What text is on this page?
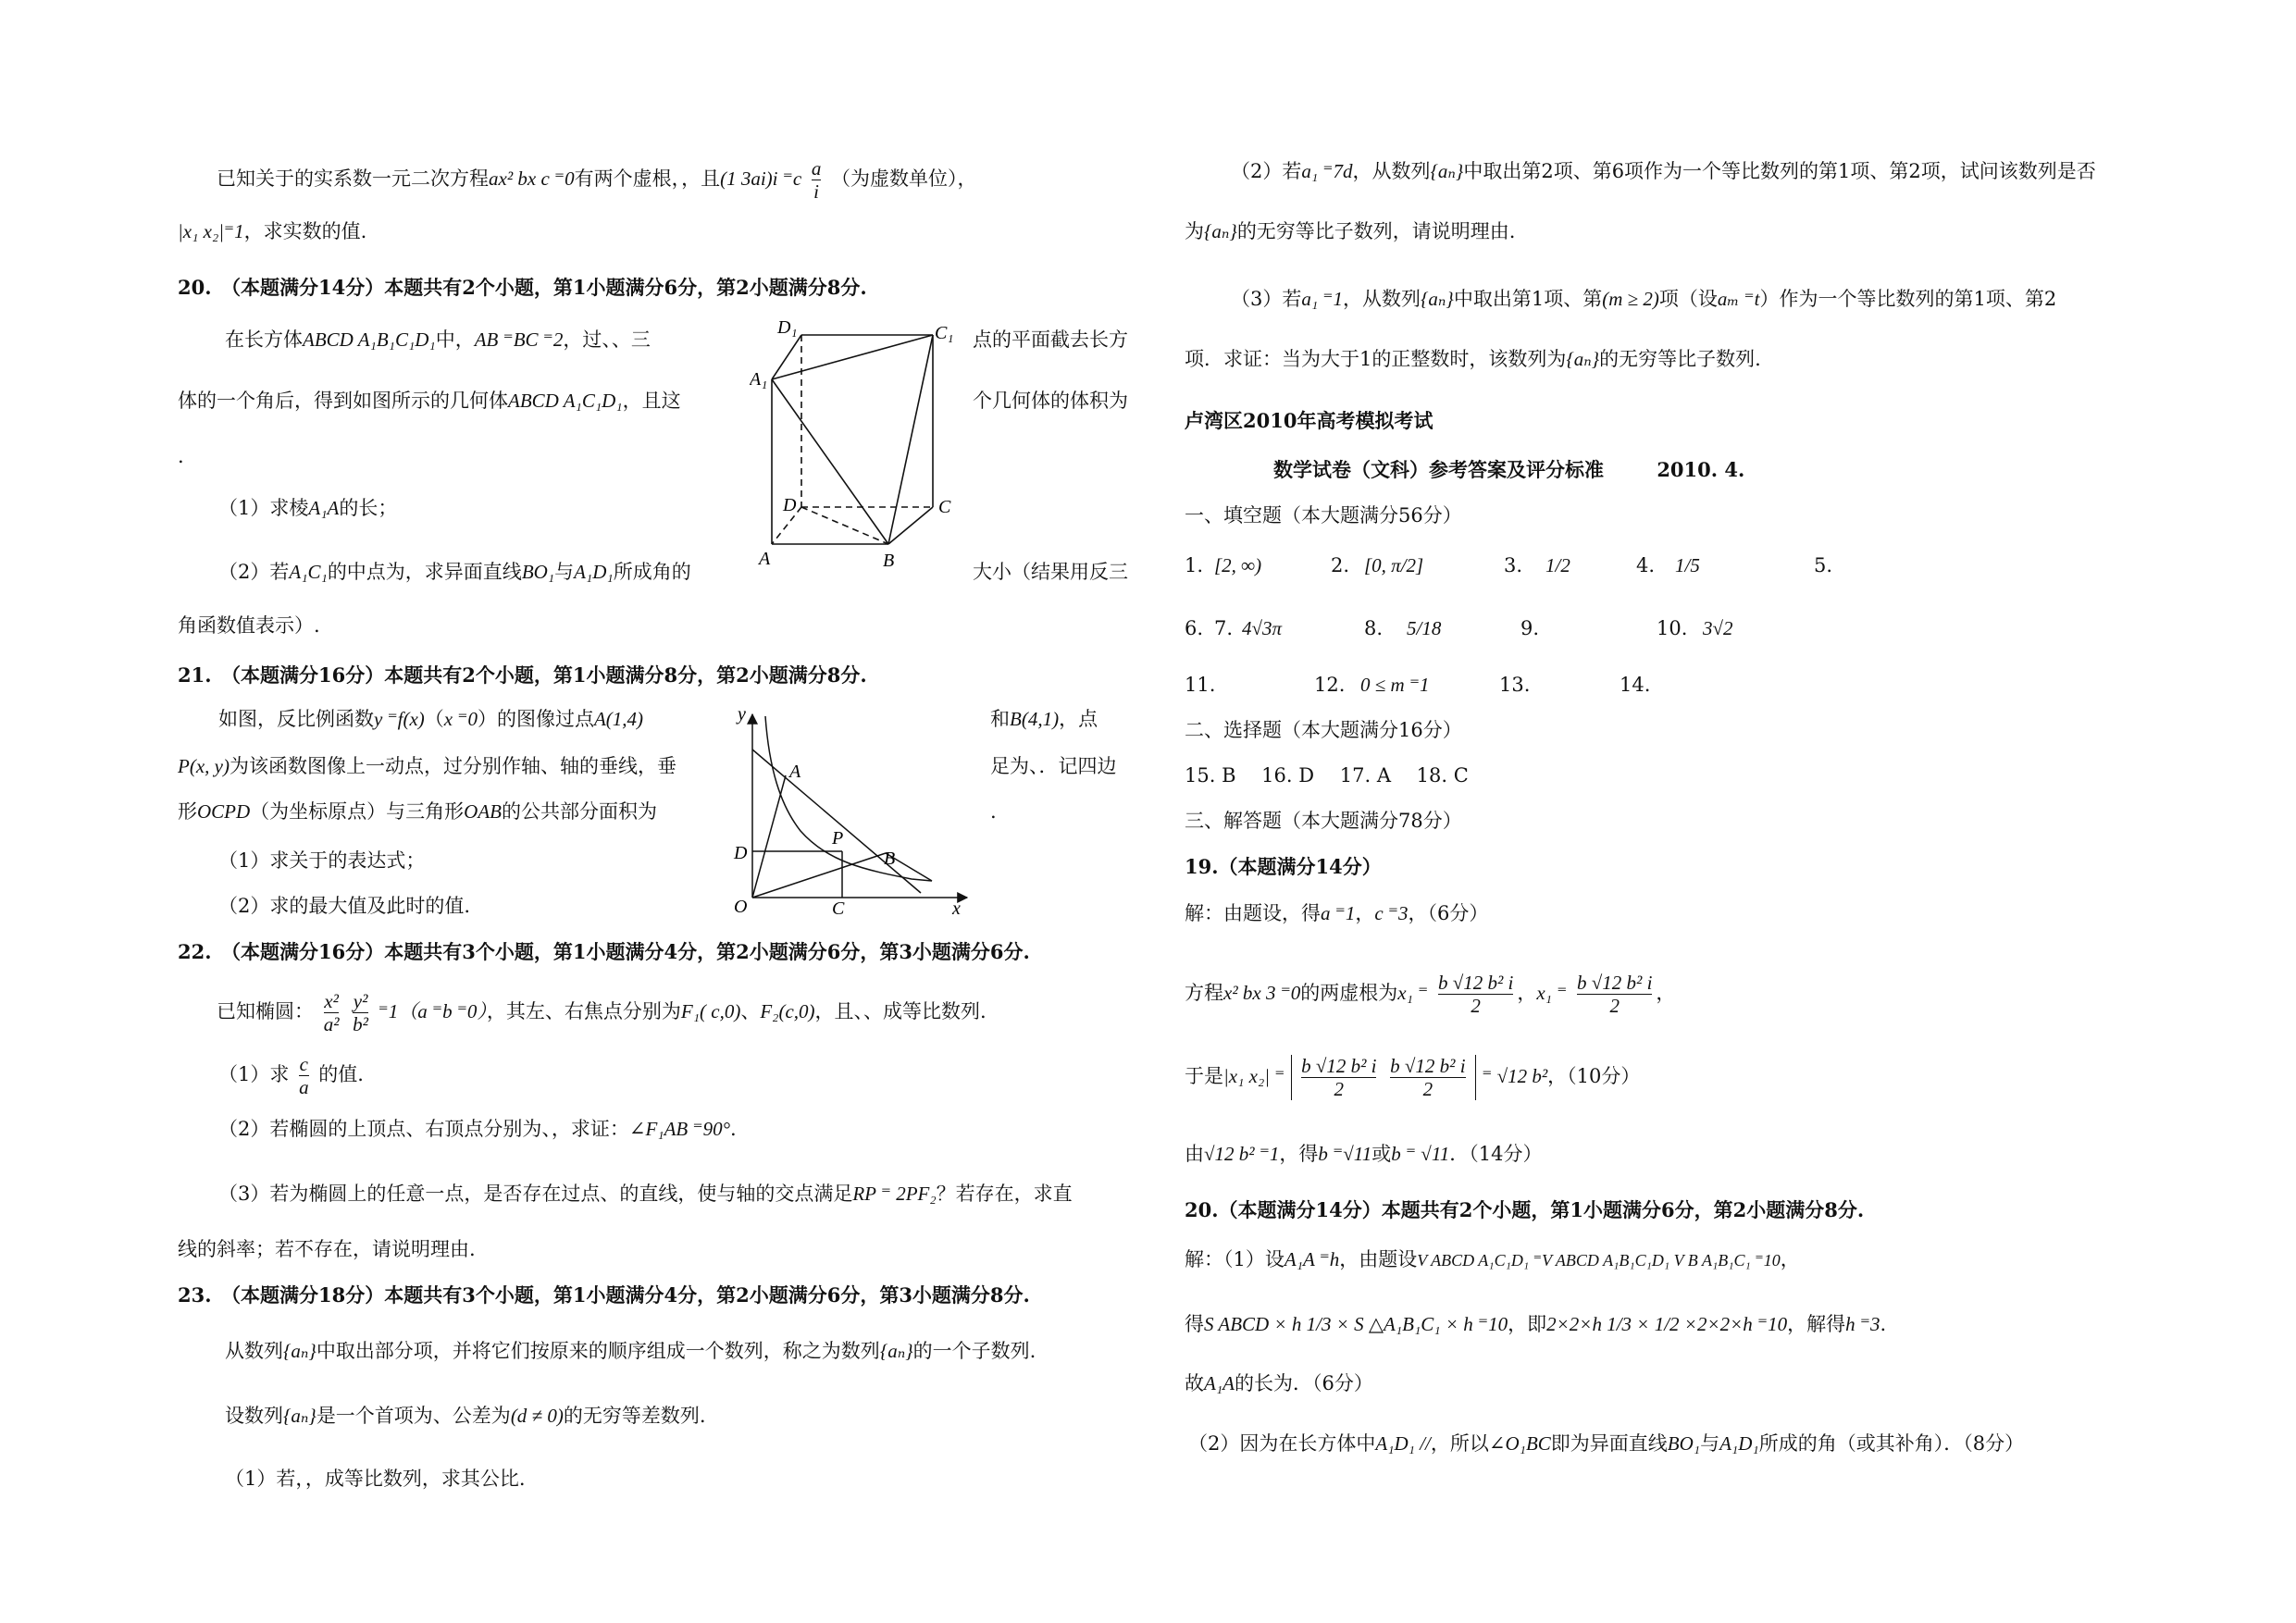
已知关于的实系数一元二次方程ax² bx c ⁼0有两个虚根，，且(1 3ai)i $^=c \frac{a}{i}$ （为虚数单位），
|x₁ x₂|⁼1，求实数的值.
20.　（本题满分14分）本题共有2个小题，第1小题满分6分，第2小题满分8分.
在长方体ABCD A₁B₁C₁D₁中，AB ⁼BC ⁼2，过、、三	点的平面截去长方
体的一个角后，得到如图所示的几何体ABCD A₁C₁D₁，且这	个几何体的体积为
.
（1）求棱A₁A的长；
（2）若A₁C₁的中点为，求异面直线BO₁与A₁D₁所成角的	大小（结果用反三
角函数值表示）.
D₁	C₁
A₁
D	C
A	B
21.　（本题满分16分）本题共有2个小题，第1小题满分8分，第2小题满分8分.
如图，反比例函数y ⁼f(x)（x ⁼0）的图像过点A(1,4)	和B(4,1)，点
P(x, y)为该函数图像上一动点，过分别作轴、轴的垂线，垂	足为、．记四边
形OCPD（为坐标原点）与三角形OAB的公共部分面积为	.
（1）求关于的表达式；
（2）求的最大值及此时的值.
y
A
P
B
D
O	C	x
22.　（本题满分16分）本题共有3个小题，第1小题满分4分，第2小题满分6分，第3小题满分6分.
已知椭圆： $\frac{\text{x²}}{\text{a²}}$
$\frac{\text{y²}}{\text{b²}} ^=1(a$ ⁼b ⁼0），其左、右焦点分别为F₁( c,0)、F₂(c,0)，且、、成等比数列.
（1）求 $\frac{c}{a}$ 的值.
（2）若椭圆的上顶点、右顶点分别为、，求证：∠F₁AB ⁼90°.
（3）若为椭圆上的任意一点，是否存在过点、的直线，使与轴的交点满足RP ⁼ 2PF₂？若存在，求直
线的斜率；若不存在，请说明理由.
23.　（本题满分18分）本题共有3个小题，第1小题满分4分，第2小题满分6分，第3小题满分8分.
从数列{aₙ}中取出部分项，并将它们按原来的顺序组成一个数列，称之为数列{aₙ}的一个子数列.
设数列{aₙ}是一个首项为、公差为(d ≠ 0)的无穷等差数列.
（1）若，，成等比数列，求其公比.
（2）若a₁ ⁼7d，从数列{aₙ}中取出第2项、第6项作为一个等比数列的第1项、第2项，试问该数列是否
为{aₙ}的无穷等比子数列，请说明理由.
（3）若a₁ ⁼1，从数列{aₙ}中取出第1项、第(m ≥ 2)项（设aₘ ⁼t）作为一个等比数列的第1项、第2
项．求证：当为大于1的正整数时，该数列为{aₙ}的无穷等比子数列.
卢湾区2010年高考模拟考试
数学试卷（文科）参考答案及评分标准	2010. 4.
一、填空题（本大题满分56分）
1. [2, ∞)	2. [0, π/2]	3. 1/2	4. 1/5	5.
6. 7. 4√3π	8. 5/18	9.	10. 3√2
11.	12. 0 ≤ m ⁼1	13.	14.
二、选择题（本大题满分16分）
15. B　 16. D　 17. A　 18. C
三、解答题（本大题满分78分）
19.（本题满分14分）
解：由题设，得a ⁼1，c ⁼3，（6分）
方程x² bx 3 ⁼0的两虚根为x₁ ⁼ $\frac{\text{b √12 b² i}}{2}$ ，x₁ ⁼ $\frac{\text{b √12 b² i}}{2}$ ，
于是|x₁ x₂| ⁼ $\frac{\text{b √12 b² i}}{2}$
$\frac{\text{b √12 b² i}}{2}$ ⁼ √12 b²，（10分）
由√12 b² ⁼1，得b ⁼√11或b ⁼ √11．（14分）
20.（本题满分14分）本题共有2个小题，第1小题满分6分，第2小题满分8分.
解：（1）设A₁A ⁼h，由题设V ABCD A₁C₁D₁ ⁼V ABCD A₁B₁C₁D₁ V B A₁B₁C₁ ⁼10，
得S ABCD × h 1/3 × S △A₁B₁C₁ × h ⁼10，即2×2×h 1/3 × 1/2 ×2×2×h ⁼10，解得h ⁼3.
故A₁A的长为．（6分）
（2）因为在长方体中A₁D₁ //，所以∠O₁BC即为异面直线BO₁与A₁D₁所成的角（或其补角）．（8分）
